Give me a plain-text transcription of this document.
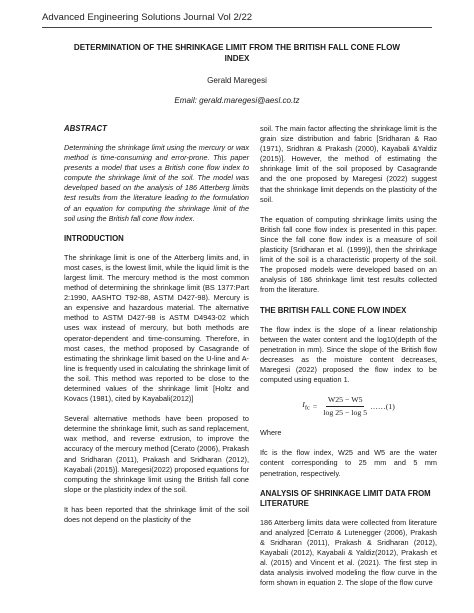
Advanced Engineering Solutions Journal Vol 2/22
DETERMINATION OF THE SHRINKAGE LIMIT FROM THE BRITISH FALL CONE FLOW
INDEX
Gerald Maregesi
Email: gerald.maregesi@aesl.co.tz
ABSTRACT

Determining the shrinkage limit using the mercury or wax method is time-consuming and error-prone. This paper presents a model that uses a British cone flow index to compute the shrinkage limit of the soil. The model was developed based on the analysis of 186 Atterberg limits test results from the literature leading to the formulation of an equation for computing the shrinkage limit of the soil using the British fall cone flow index.

INTRODUCTION

The shrinkage limit is one of the Atterberg limits and, in most cases, is the lowest limit, while the liquid limit is the largest limit. The mercury method is the most common method of determining the shrinkage limit (BS 1377:Part 2:1990, AASHTO T92-88, ASTM D427-98). Mercury is an expensive and hazardous material. The alternative method to ASTM D427-98 is ASTM D4943-02 which uses wax instead of mercury, but both methods are operator-dependent and time-consuming. Therefore, in most cases, the method proposed by Casagrande of estimating the shrinkage limit based on the U-line and A-line is frequently used in calculating the shrinkage limit of the soil. This method was reported to be close to the determined values of the shrinkage limit [Holtz and Kovacs (1981), cited by Kayabali(2012)]

Several alternative methods have been proposed to determine the shrinkage limit, such as sand replacement, wax method, and reverse extrusion, to improve the accuracy of the mercury method [Cerato (2006), Prakash and Sridharan (2011), Prakash and Sridharan (2012), Kayabali (2015)]. Maregesi(2022) proposed equations for computing the shrinkage limit using the British fall cone slope or the plasticity index of the soil.

It has been reported that the shrinkage limit of the soil does not depend on the plasticity of the

soil. The main factor affecting the shrinkage limit is the grain size distribution and fabric [Sridharan & Rao (1971), Sridhran & Prakash (2000), Kayabali &Yaldiz (2015)]. However, the method of estimating the shrinkage limit of the soil proposed by Casagrande and the one proposed by Maregesi (2022) suggest that the shrinkage limit depends on the plasticity of the soil.

The equation of computing shrinkage limits using the British fall cone flow index is presented in this paper. Since the fall cone flow index is a measure of soil plasticity [Sridharan et al. (1999)], then the shrinkage limit of the soil is a characteristic property of the soil. The proposed models were developed based on an analysis of 186 shrinkage limit test results collected from the literature.

THE BRITISH FALL CONE FLOW INDEX

The flow index is the slope of a linear relationship between the water content and the log10(depth of the penetration in mm). Since the slope of the British flow decreases as the moisture content decreases, Maregesi (2022) proposed the flow index to be computed using equation 1.

$I_{fc} = \frac{W25 - W5}{\log 25 - \log 5}$ ……(1)

Where

Ifc is the flow index, W25 and W5 are the water content corresponding to 25 mm and 5 mm penetration, respectively.

ANALYSIS OF SHRINKAGE LIMIT DATA FROM LITERATURE

186 Atterberg limits data were collected from literature and analyzed [Cerrato & Lutenegger (2006), Prakash & Sridharan (2011), Prakash & Sridharan (2012), Kayabali (2012), Kayabali & Yaldiz(2012), Prakash et al. (2015) and Vincent et al. (2021). The first step in data analysis involved modeling the flow curve in the form shown in equation 2. The slope of the flow curve
